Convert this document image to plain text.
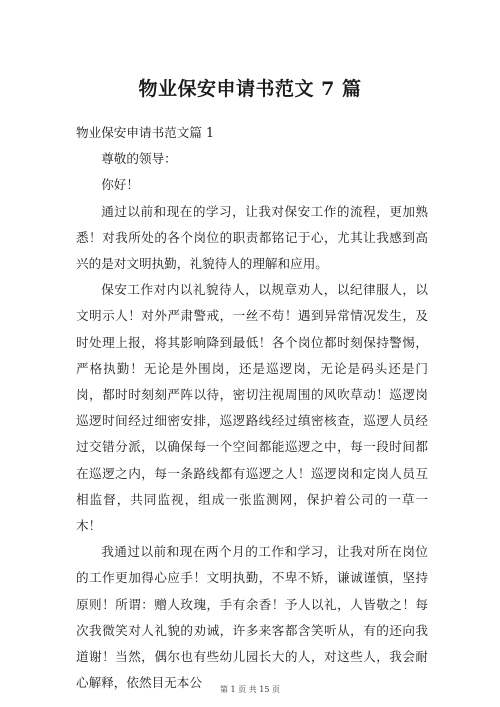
物业保安申请书范文 7 篇

物业保安申请书范文篇 1

尊敬的领导：

你好！

通过以前和现在的学习，让我对保安工作的流程，更加熟悉！对我所处的各个岗位的职责都铭记于心，尤其让我感到高兴的是对文明执勤，礼貌待人的理解和应用。

保安工作对内以礼貌待人，以规章劝人，以纪律服人，以文明示人！对外严肃警戒，一丝不苟！遇到异常情况发生，及时处理上报，将其影响降到最低！各个岗位都时刻保持警惕，严格执勤！无论是外围岗，还是巡逻岗，无论是码头还是门岗，都时时刻刻严阵以待，密切注视周围的风吹草动！巡逻岗巡逻时间经过细密安排，巡逻路线经过缜密核查，巡逻人员经过交错分派，以确保每一个空间都能巡逻之中，每一段时间都在巡逻之内，每一条路线都有巡逻之人！巡逻岗和定岗人员互相监督，共同监视，组成一张监测网，保护着公司的一草一木！

我通过以前和现在两个月的工作和学习，让我对所在岗位的工作更加得心应手！文明执勤，不卑不矫，谦诚谨慎，坚持原则！所谓：赠人玫瑰，手有余香！予人以礼，人皆敬之！每次我微笑对人礼貌的劝诫，许多来客都含笑听从，有的还向我道谢！当然，偶尔也有些幼儿园长大的人，对这些人，我会耐心解释，依然目无本公	第 1 页 共 15 页
